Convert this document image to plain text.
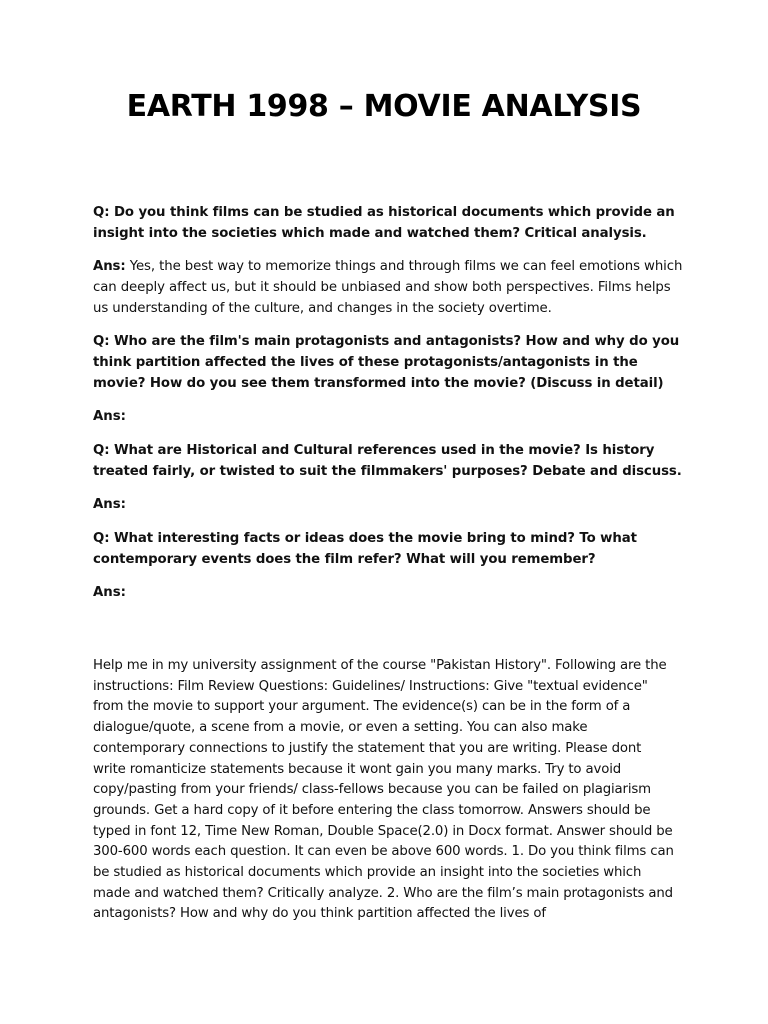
EARTH 1998 – MOVIE ANALYSIS

Q: Do you think films can be studied as historical documents which provide an insight into the societies which made and watched them? Critical analysis.

Ans: Yes, the best way to memorize things and through films we can feel emotions which can deeply affect us, but it should be unbiased and show both perspectives. Films helps us understanding of the culture, and changes in the society overtime.

Q: Who are the film's main protagonists and antagonists? How and why do you think partition affected the lives of these protagonists/antagonists in the movie? How do you see them transformed into the movie? (Discuss in detail)

Ans:

Q: What are Historical and Cultural references used in the movie? Is history treated fairly, or twisted to suit the filmmakers' purposes? Debate and discuss.

Ans:

Q: What interesting facts or ideas does the movie bring to mind? To what contemporary events does the film refer? What will you remember?

Ans:

Help me in my university assignment of the course "Pakistan History". Following are the instructions: Film Review Questions: Guidelines/ Instructions: Give "textual evidence" from the movie to support your argument. The evidence(s) can be in the form of a dialogue/quote, a scene from a movie, or even a setting. You can also make contemporary connections to justify the statement that you are writing. Please dont write romanticize statements because it wont gain you many marks. Try to avoid copy/pasting from your friends/ class-fellows because you can be failed on plagiarism grounds. Get a hard copy of it before entering the class tomorrow. Answers should be typed in font 12, Time New Roman, Double Space(2.0) in Docx format. Answer should be 300-600 words each question. It can even be above 600 words. 1. Do you think films can be studied as historical documents which provide an insight into the societies which made and watched them? Critically analyze. 2. Who are the film’s main protagonists and antagonists? How and why do you think partition affected the lives of
